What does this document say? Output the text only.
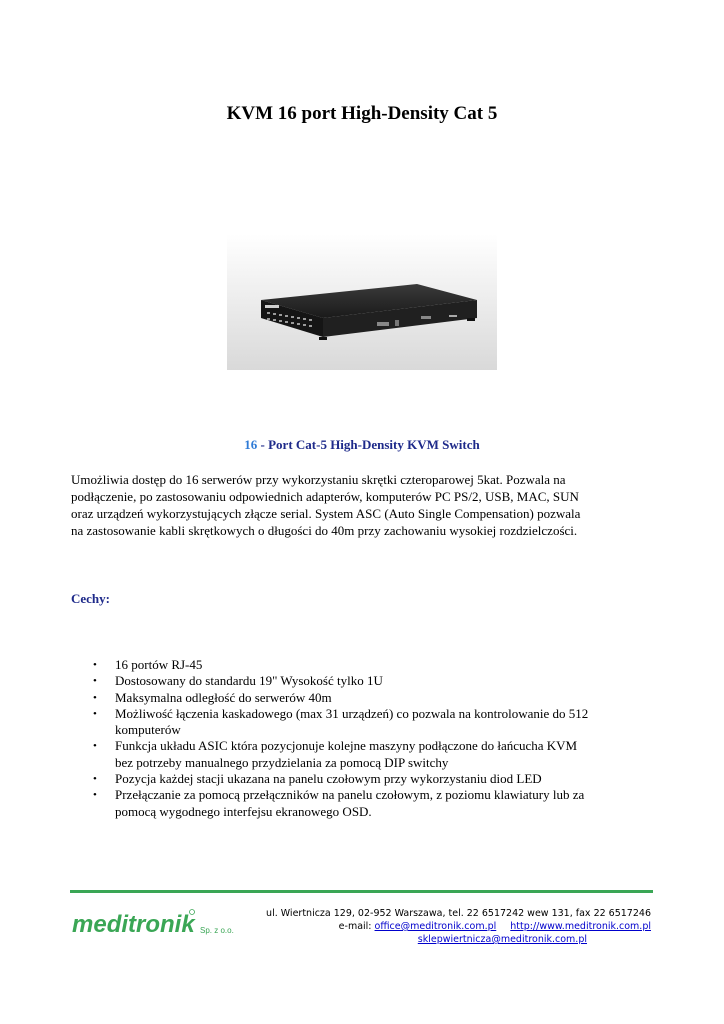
KVM 16 port High-Density Cat 5
16 - Port Cat-5 High-Density KVM Switch

Umożliwia dostęp do 16 serwerów przy wykorzystaniu skrętki czteroparowej 5kat. Pozwala na

podłączenie, po zastosowaniu odpowiednich adapterów, komputerów PC PS/2, USB, MAC, SUN

oraz urządzeń wykorzystujących złącze serial. System ASC (Auto Single Compensation) pozwala

na zastosowanie kabli skrętkowych o długości do 40m przy zachowaniu wysokiej rozdzielczości.

Cechy:
• 16 portów RJ-45
• Dostosowany do standardu 19" Wysokość tylko 1U
• Maksymalna odległość do serwerów 40m
• Możliwość łączenia kaskadowego (max 31 urządzeń) co pozwala na kontrolowanie do 512
komputerów
• Funkcja układu ASIC która pozycjonuje kolejne maszyny podłączone do łańcucha KVM
bez potrzeby manualnego przydzielania za pomocą DIP switchy
• Pozycja każdej stacji ukazana na panelu czołowym przy wykorzystaniu diod LED
• Przełączanie za pomocą przełączników na panelu czołowym, z poziomu klawiatury lub za
pomocą wygodnego interfejsu ekranowego OSD.
meditronik Sp. z o.o.
ul. Wiertnicza 129, 02-952 Warszawa, tel. 22 6517242 wew 131, fax 22 6517246
e-mail: office@meditronik.com.pl http://www.meditronik.com.pl
sklepwiertnicza@meditronik.com.pl
